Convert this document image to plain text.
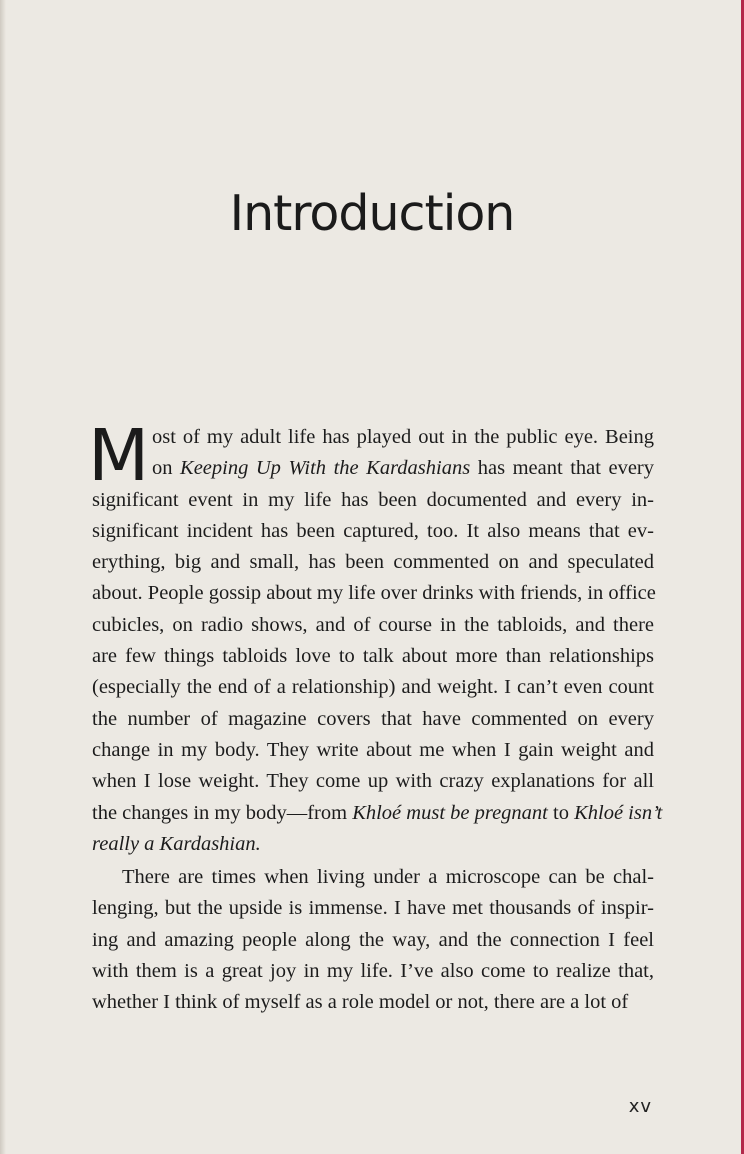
Introduction

ost of my adult life has played out in the public eye. Being
on Keeping Up With the Kardashians has meant that every
significant event in my life has been documented and every in-
significant incident has been captured, too. It also means that ev-
erything, big and small, has been commented on and speculated
about. People gossip about my life over drinks with friends, in office
cubicles, on radio shows, and of course in the tabloids, and there
are few things tabloids love to talk about more than relationships
(especially the end of a relationship) and weight. I can’t even count
the number of magazine covers that have commented on every
change in my body. They write about me when I gain weight and
when I lose weight. They come up with crazy explanations for all
the changes in my body—from Khloé must be pregnant to Khloé isn’t
really a Kardashian.
M

There are times when living under a microscope can be chal-
lenging, but the upside is immense. I have met thousands of inspir-
ing and amazing people along the way, and the connection I feel
with them is a great joy in my life. I’ve also come to realize that,
whether I think of myself as a role model or not, there are a lot of

xv
